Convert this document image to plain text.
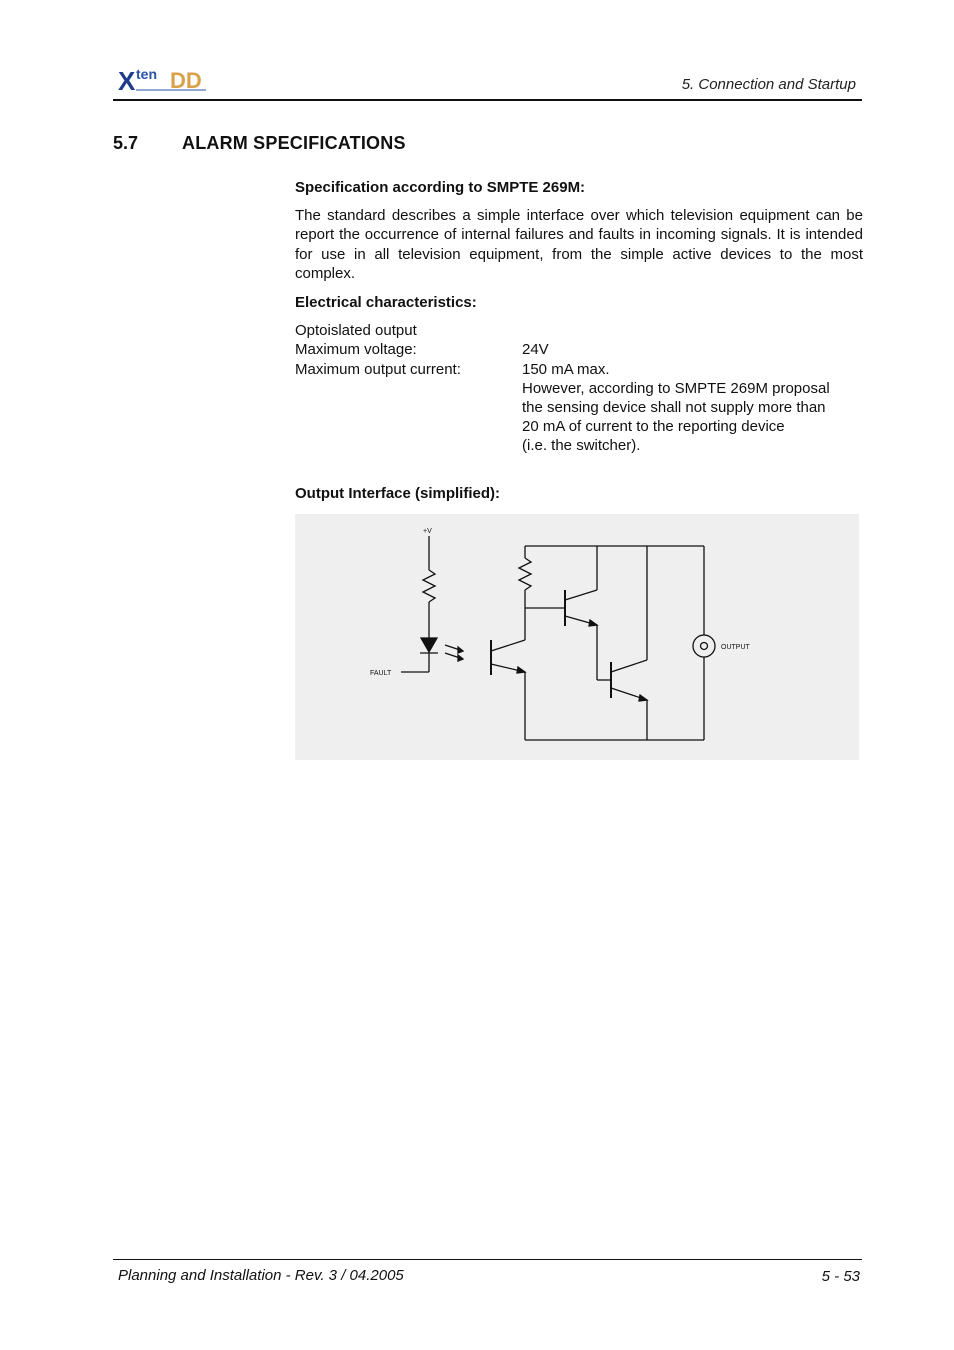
X ten DD	5. Connection and Startup
5.7 ALARM SPECIFICATIONS

Specification according to SMPTE 269M:

The standard describes a simple interface over which television equipment can be report the occurrence of internal failures and faults in incoming signals. It is intended for use in all television equipment, from the simple active devices to the most complex.

Electrical characteristics:

Optoislated output
Maximum voltage:	24V
Maximum output current:	150 mA max.
However, according to SMPTE 269M proposal
the sensing device shall not supply more than
20 mA of current to the reporting device
(i.e. the switcher).

Output Interface (simplified):

+V
FAULT
OUTPUT
Planning and Installation - Rev. 3 / 04.2005	5 - 53
